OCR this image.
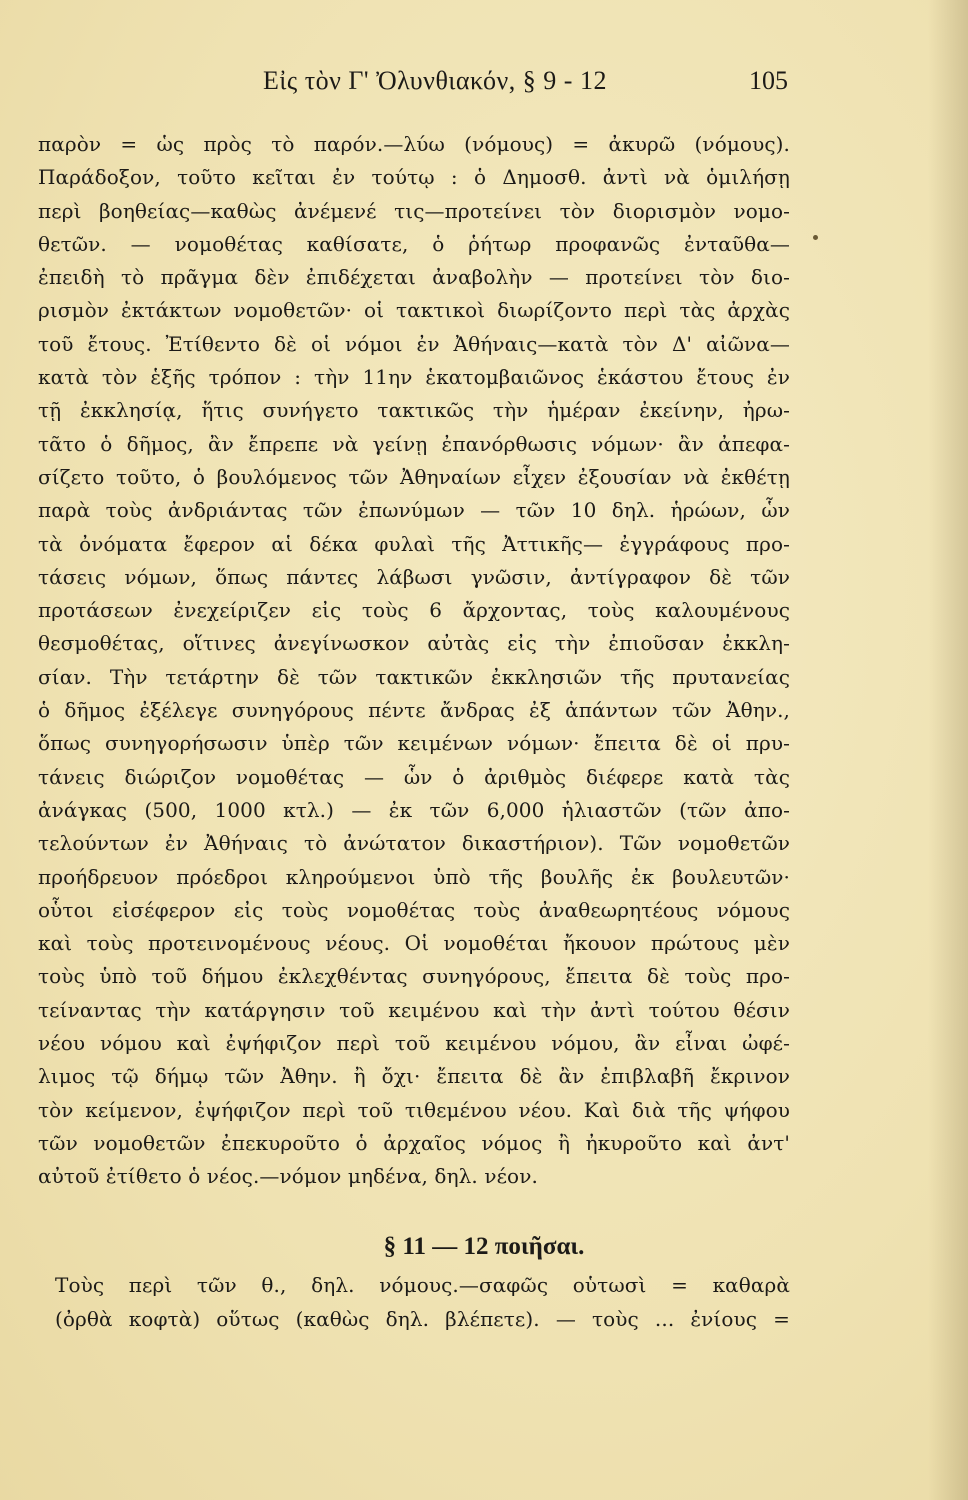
Εἰς τὸν Γ' Ὀλυνθιακόν, § 9 - 12	105
παρὸν = ὡς πρὸς τὸ παρόν.—λύω (νόμους) = ἀκυρῶ (νόμους).
Παράδοξον, τοῦτο κεῖται ἐν τούτῳ : ὁ Δημοσθ. ἀντὶ νὰ ὁμιλήσῃ
περὶ βοηθείας—καθὼς ἀνέμενέ τις—προτείνει τὸν διορισμὸν νομο-
θετῶν. — νομοθέτας καθίσατε, ὁ ῥήτωρ προφανῶς ἐνταῦθα—
ἐπειδὴ τὸ πρᾶγμα δὲν ἐπιδέχεται ἀναβολὴν — προτείνει τὸν διο-
ρισμὸν ἐκτάκτων νομοθετῶν· οἱ τακτικοὶ διωρίζοντο περὶ τὰς ἀρχὰς
τοῦ ἔτους. Ἐτίθεντο δὲ οἱ νόμοι ἐν Ἀθήναις—κατὰ τὸν Δ' αἰῶνα—
κατὰ τὸν ἑξῆς τρόπον : τὴν 11ην ἑκατομβαιῶνος ἑκάστου ἔτους ἐν
τῇ ἐκκλησίᾳ, ἥτις συνήγετο τακτικῶς τὴν ἡμέραν ἐκείνην, ἠρω-
τᾶτο ὁ δῆμος, ἂν ἔπρεπε νὰ γείνῃ ἐπανόρθωσις νόμων· ἂν ἀπεφα-
σίζετο τοῦτο, ὁ βουλόμενος τῶν Ἀθηναίων εἶχεν ἐξουσίαν νὰ ἐκθέτῃ
παρὰ τοὺς ἀνδριάντας τῶν ἐπωνύμων — τῶν 10 δηλ. ἡρώων, ὧν
τὰ ὀνόματα ἔφερον αἱ δέκα φυλαὶ τῆς Ἀττικῆς— ἐγγράφους προ-
τάσεις νόμων, ὅπως πάντες λάβωσι γνῶσιν, ἀντίγραφον δὲ τῶν
προτάσεων ἐνεχείριζεν εἰς τοὺς 6 ἄρχοντας, τοὺς καλουμένους
θεσμοθέτας, οἵτινες ἀνεγίνωσκον αὐτὰς εἰς τὴν ἐπιοῦσαν ἐκκλη-
σίαν. Τὴν τετάρτην δὲ τῶν τακτικῶν ἐκκλησιῶν τῆς πρυτανείας
ὁ δῆμος ἐξέλεγε συνηγόρους πέντε ἄνδρας ἐξ ἁπάντων τῶν Ἀθην.,
ὅπως συνηγορήσωσιν ὑπὲρ τῶν κειμένων νόμων· ἔπειτα δὲ οἱ πρυ-
τάνεις διώριζον νομοθέτας — ὧν ὁ ἀριθμὸς διέφερε κατὰ τὰς
ἀνάγκας (500, 1000 κτλ.) — ἐκ τῶν 6,000 ἡλιαστῶν (τῶν ἀπο-
τελούντων ἐν Ἀθήναις τὸ ἀνώτατον δικαστήριον). Τῶν νομοθετῶν
προήδρευον πρόεδροι κληρούμενοι ὑπὸ τῆς βουλῆς ἐκ βουλευτῶν·
οὗτοι εἰσέφερον εἰς τοὺς νομοθέτας τοὺς ἀναθεωρητέους νόμους
καὶ τοὺς προτεινομένους νέους. Οἱ νομοθέται ἤκουον πρώτους μὲν
τοὺς ὑπὸ τοῦ δήμου ἐκλεχθέντας συνηγόρους, ἔπειτα δὲ τοὺς προ-
τείναντας τὴν κατάργησιν τοῦ κειμένου καὶ τὴν ἀντὶ τούτου θέσιν
νέου νόμου καὶ ἐψήφιζον περὶ τοῦ κειμένου νόμου, ἂν εἶναι ὠφέ-
λιμος τῷ δήμῳ τῶν Ἀθην. ἢ ὄχι· ἔπειτα δὲ ἂν ἐπιβλαβῆ ἔκρινον
τὸν κείμενον, ἐψήφιζον περὶ τοῦ τιθεμένου νέου. Καὶ διὰ τῆς ψήφου
τῶν νομοθετῶν ἐπεκυροῦτο ὁ ἀρχαῖος νόμος ἢ ἠκυροῦτο καὶ ἀντ'
αὐτοῦ ἐτίθετο ὁ νέος.—νόμον μηδένα, δηλ. νέον.
§ 11 — 12 ποιῆσαι.
Τοὺς περὶ τῶν θ., δηλ. νόμους.—σαφῶς οὑτωσὶ = καθαρὰ
(ὀρθὰ κοφτὰ) οὕτως (καθὼς δηλ. βλέπετε). — τοὺς ... ἐνίους =
